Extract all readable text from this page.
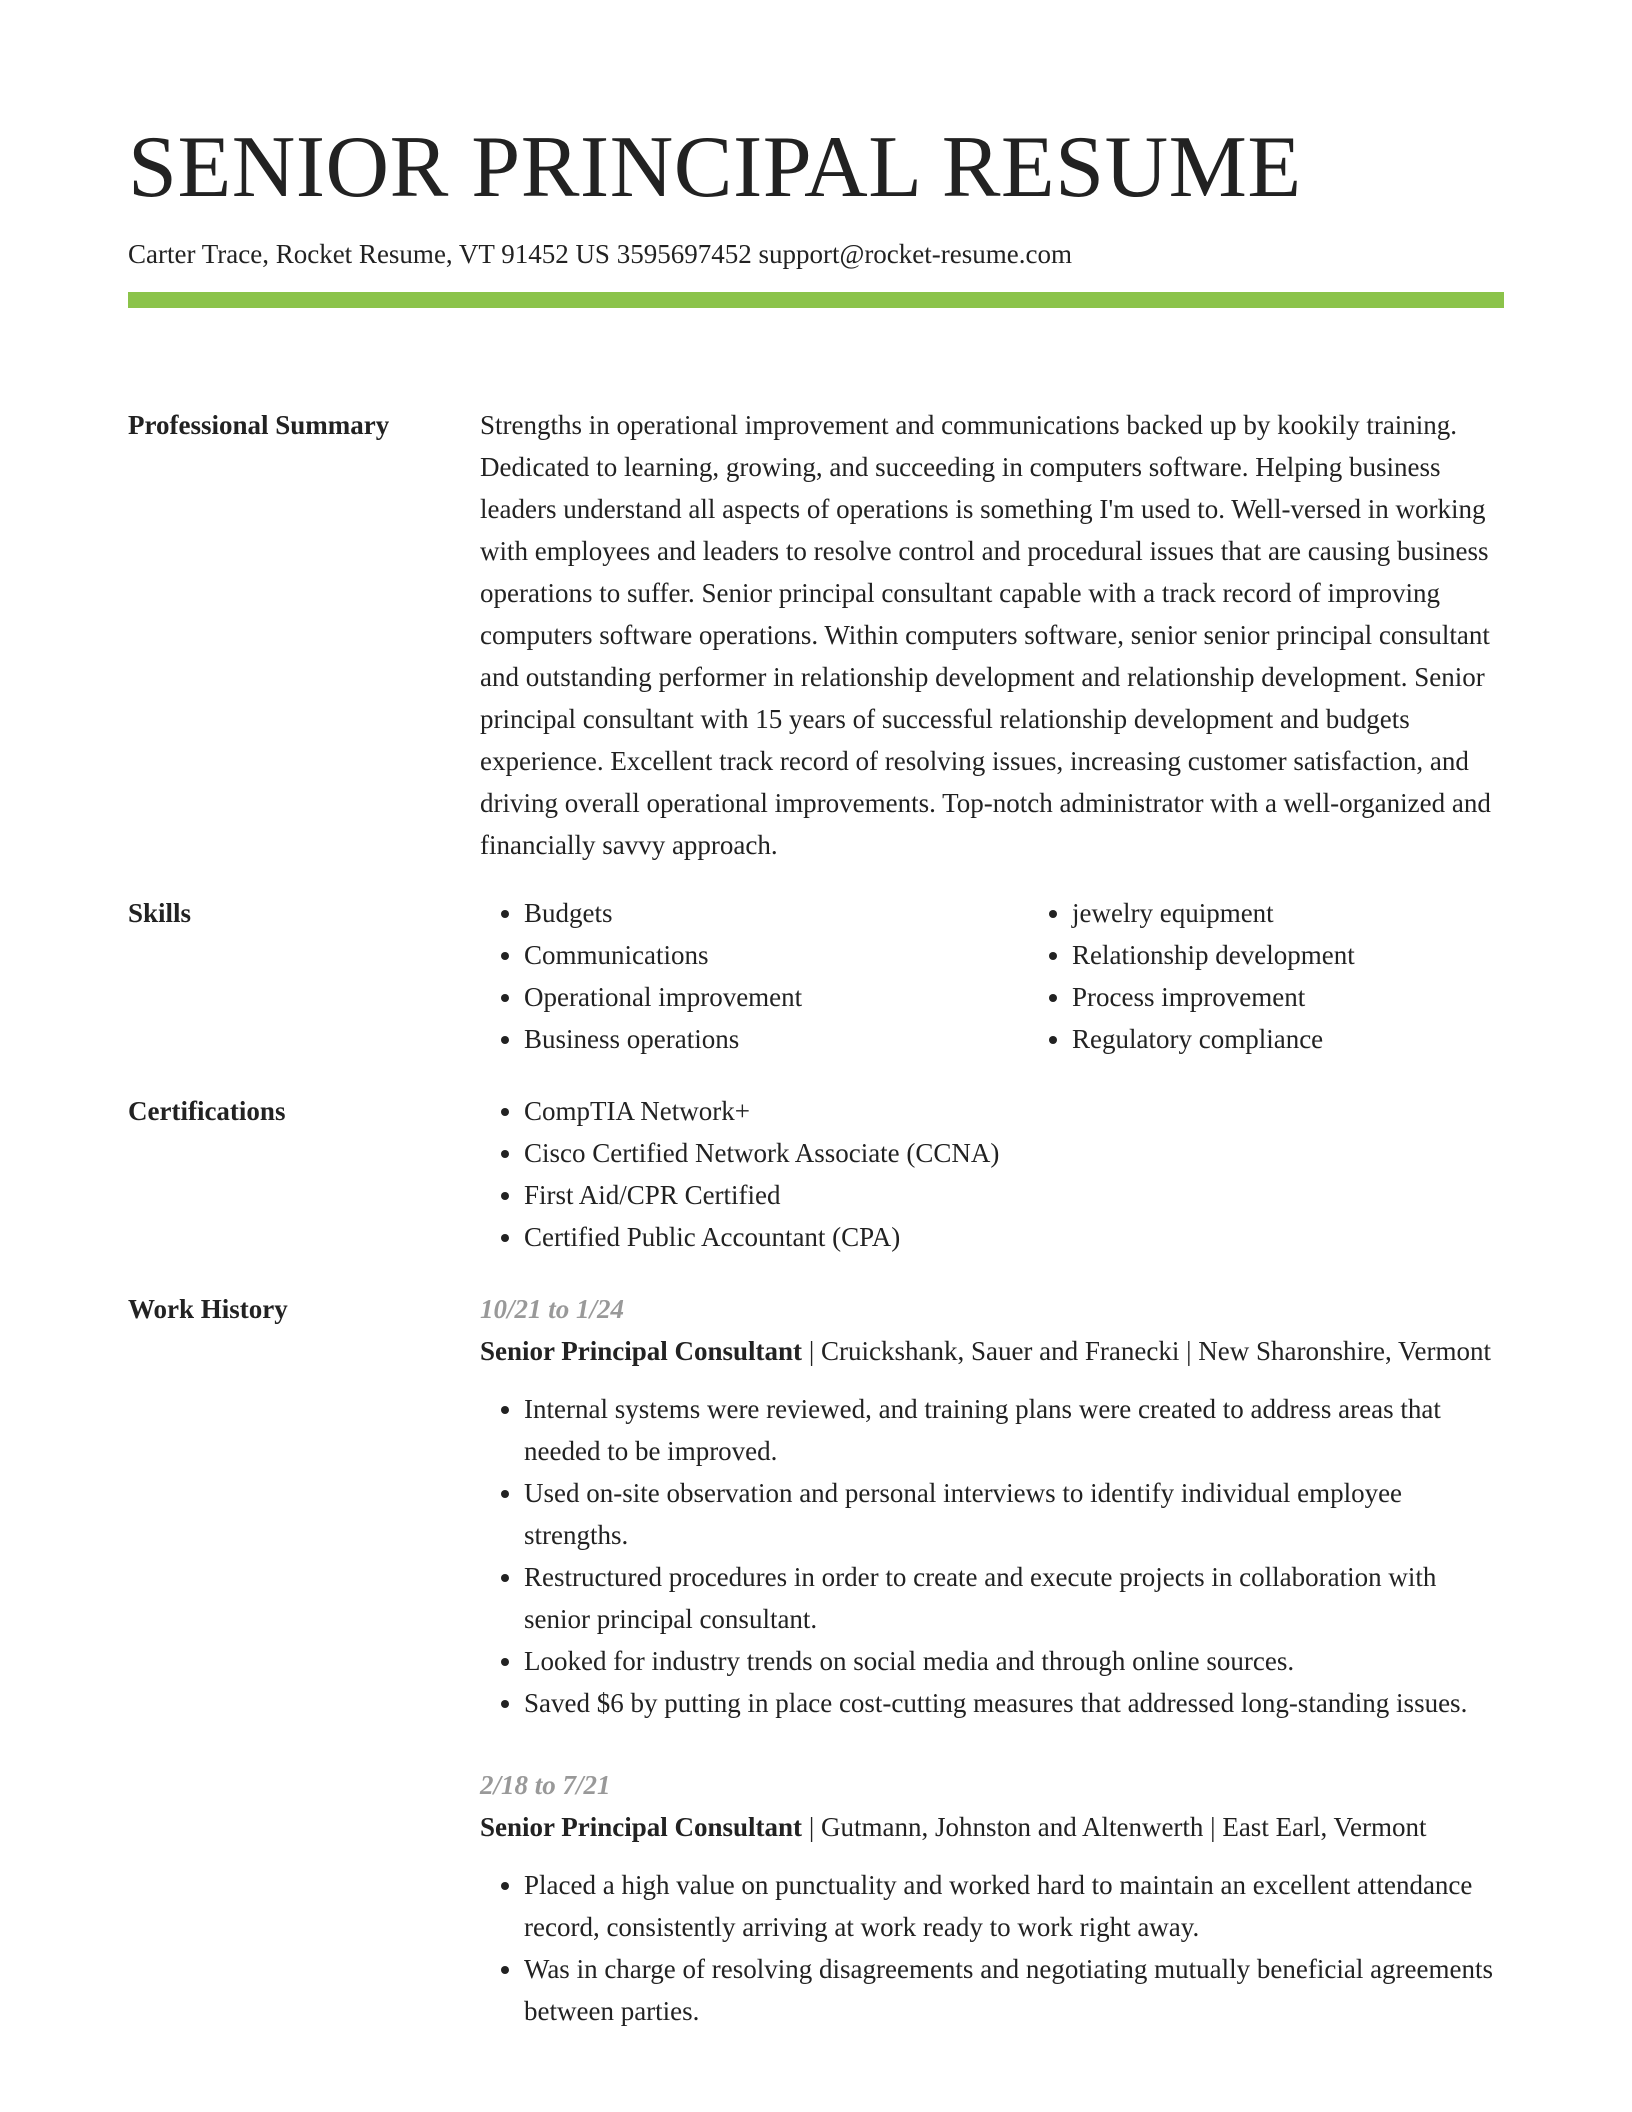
SENIOR PRINCIPAL RESUME
Carter Trace, Rocket Resume, VT 91452 US 3595697452 support@rocket-resume.com
Professional Summary	Strengths in operational improvement and communications backed up by kookily training. Dedicated to learning, growing, and succeeding in computers software. Helping business leaders understand all aspects of operations is something I'm used to. Well-versed in working with employees and leaders to resolve control and procedural issues that are causing business operations to suffer. Senior principal consultant capable with a track record of improving computers software operations. Within computers software, senior senior principal consultant and outstanding performer in relationship development and relationship development. Senior principal consultant with 15 years of successful relationship development and budgets experience. Excellent track record of resolving issues, increasing customer satisfaction, and driving overall operational improvements. Top-notch administrator with a well-organized and financially savvy approach.

Skills	• Budgets
• Communications
• Operational improvement
• Business operations
• jewelry equipment
• Relationship development
• Process improvement
• Regulatory compliance
Certifications	• CompTIA Network+
• Cisco Certified Network Associate (CCNA)
• First Aid/CPR Certified
• Certified Public Accountant (CPA)
Work History	10/21 to 1/24
Senior Principal Consultant | Cruickshank, Sauer and Franecki | New Sharonshire, Vermont
• Internal systems were reviewed, and training plans were created to address areas that needed to be improved.
• Used on-site observation and personal interviews to identify individual employee strengths.
• Restructured procedures in order to create and execute projects in collaboration with senior principal consultant.
• Looked for industry trends on social media and through online sources.
• Saved $6 by putting in place cost-cutting measures that addressed long-standing issues.
2/18 to 7/21
Senior Principal Consultant | Gutmann, Johnston and Altenwerth | East Earl, Vermont
• Placed a high value on punctuality and worked hard to maintain an excellent attendance record, consistently arriving at work ready to work right away.
• Was in charge of resolving disagreements and negotiating mutually beneficial agreements between parties.
